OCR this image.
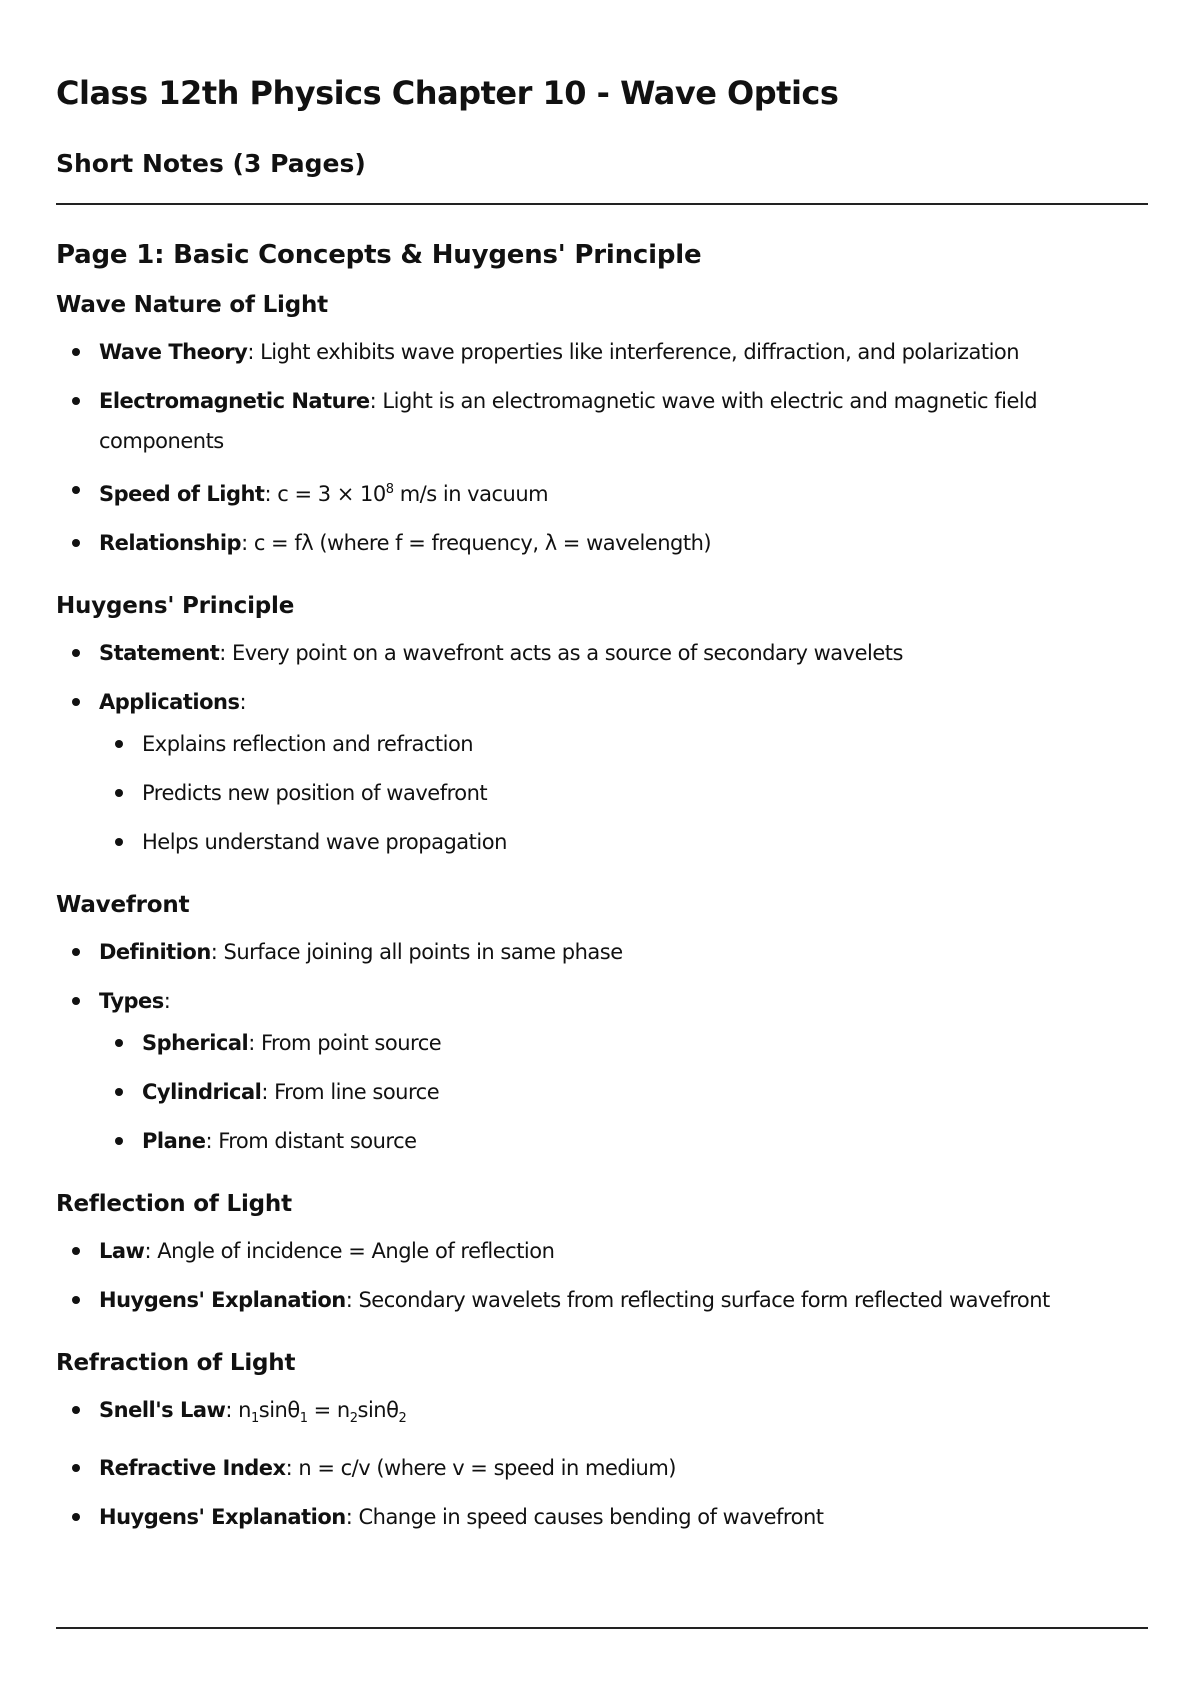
Class 12th Physics Chapter 10 - Wave Optics
Short Notes (3 Pages)
Page 1: Basic Concepts & Huygens' Principle
Wave Nature of Light
Wave Theory: Light exhibits wave properties like interference, diffraction, and polarization
Electromagnetic Nature: Light is an electromagnetic wave with electric and magnetic field components
Speed of Light: $c = 3 \times 10^8$ m/s in vacuum
Relationship: c = fλ (where f = frequency, λ = wavelength)
Huygens' Principle
Statement: Every point on a wavefront acts as a source of secondary wavelets
Applications:
Explains reflection and refraction
Predicts new position of wavefront
Helps understand wave propagation
Wavefront
Definition: Surface joining all points in same phase
Types:
Spherical: From point source
Cylindrical: From line source
Plane: From distant source
Reflection of Light
Law: Angle of incidence = Angle of reflection
Huygens' Explanation: Secondary wavelets from reflecting surface form reflected wavefront
Refraction of Light
Snell's Law: $n_1\sin\theta_1 = n_2\sin\theta_2$
Refractive Index: n = c/v (where v = speed in medium)
Huygens' Explanation: Change in speed causes bending of wavefront
